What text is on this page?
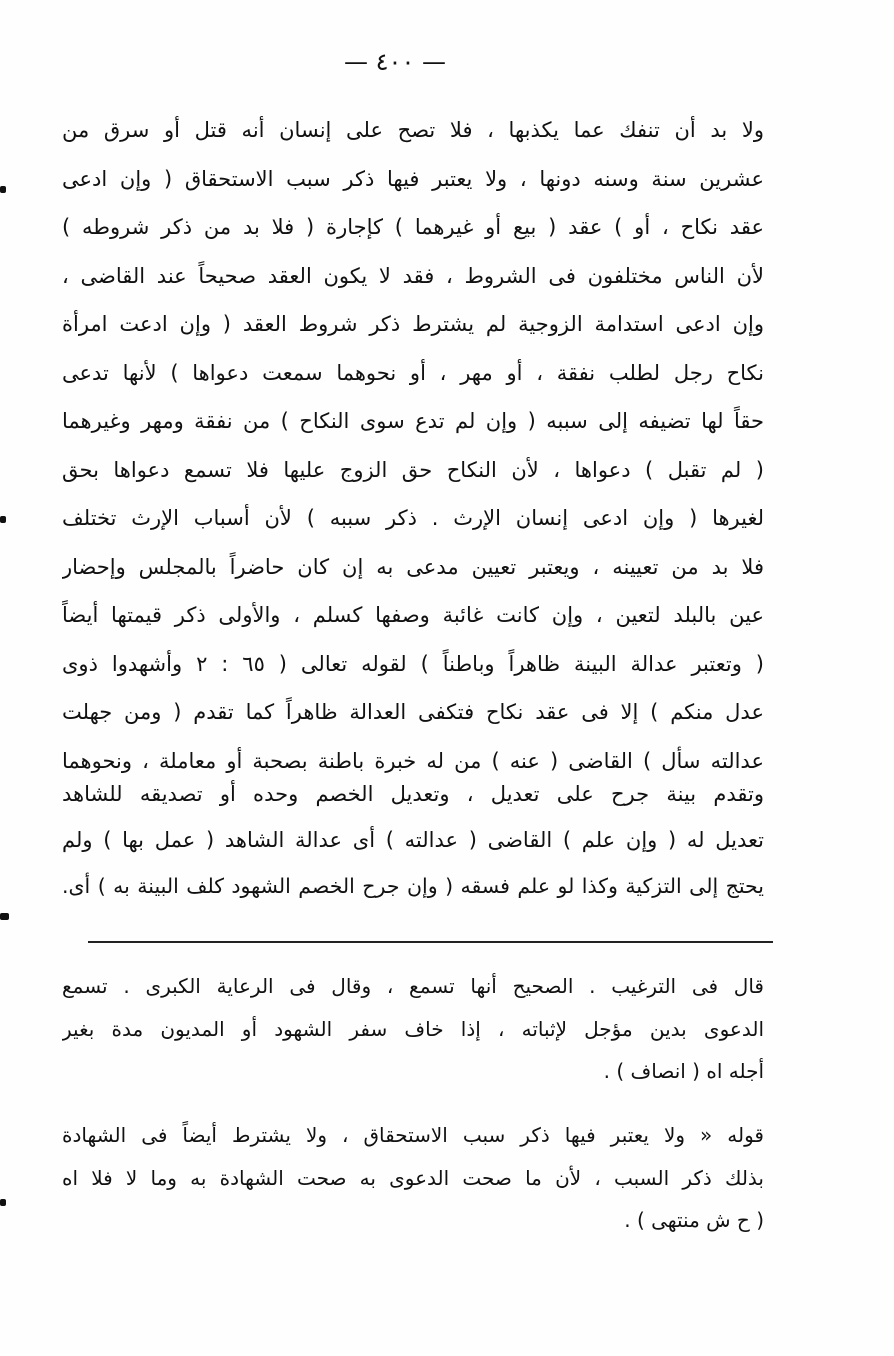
— ٤٠٠ —
ولا بد أن تنفك عما يكذبها ، فلا تصح على إنسان أنه قتل أو سرق من
عشرين سنة وسنه دونها ، ولا يعتبر فيها ذكر سبب الاستحقاق ( وإن ادعى
عقد نكاح ، أو ) عقد ( بيع أو غيرهما ) كإجارة ( فلا بد من ذكر شروطه )
لأن الناس مختلفون فى الشروط ، فقد لا يكون العقد صحيحاً عند القاضى ،
وإن ادعى استدامة الزوجية لم يشترط ذكر شروط العقد ( وإن ادعت امرأة
نكاح رجل لطلب نفقة ، أو مهر ، أو نحوهما سمعت دعواها ) لأنها تدعى
حقاً لها تضيفه إلى سببه ( وإن لم تدع سوى النكاح ) من نفقة ومهر وغيرهما
( لم تقبل ) دعواها ، لأن النكاح حق الزوج عليها فلا تسمع دعواها بحق
لغيرها ( وإن ادعى إنسان الإرث . ذكر سببه ) لأن أسباب الإرث تختلف
فلا بد من تعيينه ، ويعتبر تعيين مدعى به إن كان حاضراً بالمجلس وإحضار
عين بالبلد لتعين ، وإن كانت غائبة وصفها كسلم ، والأولى ذكر قيمتها أيضاً
( وتعتبر عدالة البينة ظاهراً وباطناً ) لقوله تعالى ( ٦٥ : ٢ وأشهدوا ذوى
عدل منكم ) إلا فى عقد نكاح فتكفى العدالة ظاهراً كما تقدم ( ومن جهلت
عدالته سأل ) القاضى ( عنه ) من له خبرة باطنة بصحبة أو معاملة ، ونحوهما
وتقدم بينة جرح على تعديل ، وتعديل الخصم وحده أو تصديقه للشاهد
تعديل له ( وإن علم ) القاضى ( عدالته ) أى عدالة الشاهد ( عمل بها ) ولم
يحتج إلى التزكية وكذا لو علم فسقه ( وإن جرح الخصم الشهود كلف البينة به ) أى.
قال فى الترغيب . الصحيح أنها تسمع ، وقال فى الرعاية الكبرى . تسمع
الدعوى بدين مؤجل لإثباته ، إذا خاف سفر الشهود أو المديون مدة بغير
أجله اه ( انصاف ) .
قوله « ولا يعتبر فيها ذكر سبب الاستحقاق ، ولا يشترط أيضاً فى الشهادة
بذلك ذكر السبب ، لأن ما صحت الدعوى به صحت الشهادة به وما لا فلا اه
( ح ش منتهى ) .
